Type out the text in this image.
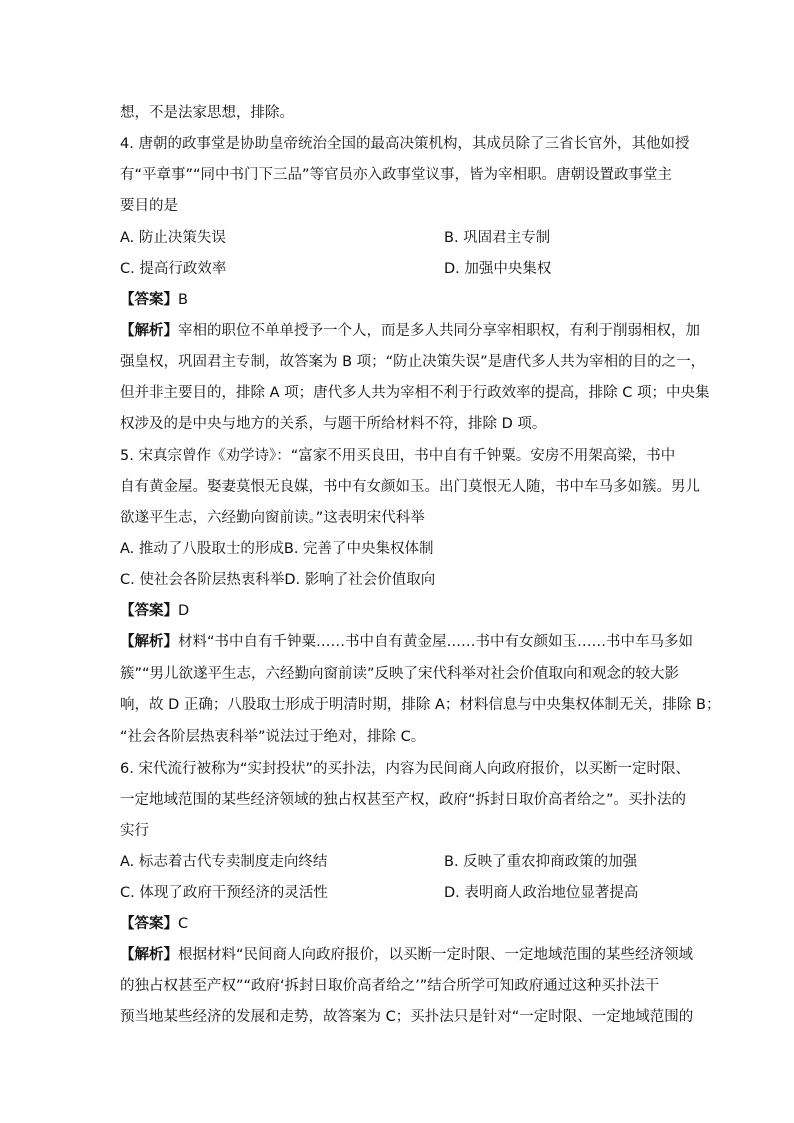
想，不是法家思想，排除。
4. 唐朝的政事堂是协助皇帝统治全国的最高决策机构，其成员除了三省长官外，其他如授
有“平章事”“同中书门下三品”等官员亦入政事堂议事，皆为宰相职。唐朝设置政事堂主
要目的是
A. 防止决策失误	B. 巩固君主专制
C. 提高行政效率	D. 加强中央集权
【答案】B
【解析】宰相的职位不单单授予一个人，而是多人共同分享宰相职权，有利于削弱相权，加
强皇权，巩固君主专制，故答案为 B 项；“防止决策失误”是唐代多人共为宰相的目的之一，
但并非主要目的，排除 A 项；唐代多人共为宰相不利于行政效率的提高，排除 C 项；中央集
权涉及的是中央与地方的关系，与题干所给材料不符，排除 D 项。
5. 宋真宗曾作《劝学诗》：“富家不用买良田，书中自有千钟粟。安房不用架高梁，书中
自有黄金屋。娶妻莫恨无良媒，书中有女颜如玉。出门莫恨无人随，书中车马多如簇。男儿
欲遂平生志，六经勤向窗前读。”这表明宋代科举
A. 推动了八股取士的形成B. 完善了中央集权体制
C. 使社会各阶层热衷科举D. 影响了社会价值取向
【答案】D
【解析】材料“书中自有千钟粟……书中自有黄金屋……书中有女颜如玉……书中车马多如
簇”“男儿欲遂平生志，六经勤向窗前读”反映了宋代科举对社会价值取向和观念的较大影
响，故 D 正确；八股取士形成于明清时期，排除 A；材料信息与中央集权体制无关，排除 B；
“社会各阶层热衷科举”说法过于绝对，排除 C。
6. 宋代流行被称为“实封投状”的买扑法，内容为民间商人向政府报价，以买断一定时限、
一定地域范围的某些经济领域的独占权甚至产权，政府“拆封日取价高者给之”。买扑法的
实行
A. 标志着古代专卖制度走向终结	B. 反映了重农抑商政策的加强
C. 体现了政府干预经济的灵活性	D. 表明商人政治地位显著提高
【答案】C
【解析】根据材料“民间商人向政府报价，以买断一定时限、一定地域范围的某些经济领域
的独占权甚至产权”“政府‘拆封日取价高者给之’”结合所学可知政府通过这种买扑法干
预当地某些经济的发展和走势，故答案为 C；买扑法只是针对“一定时限、一定地域范围的
